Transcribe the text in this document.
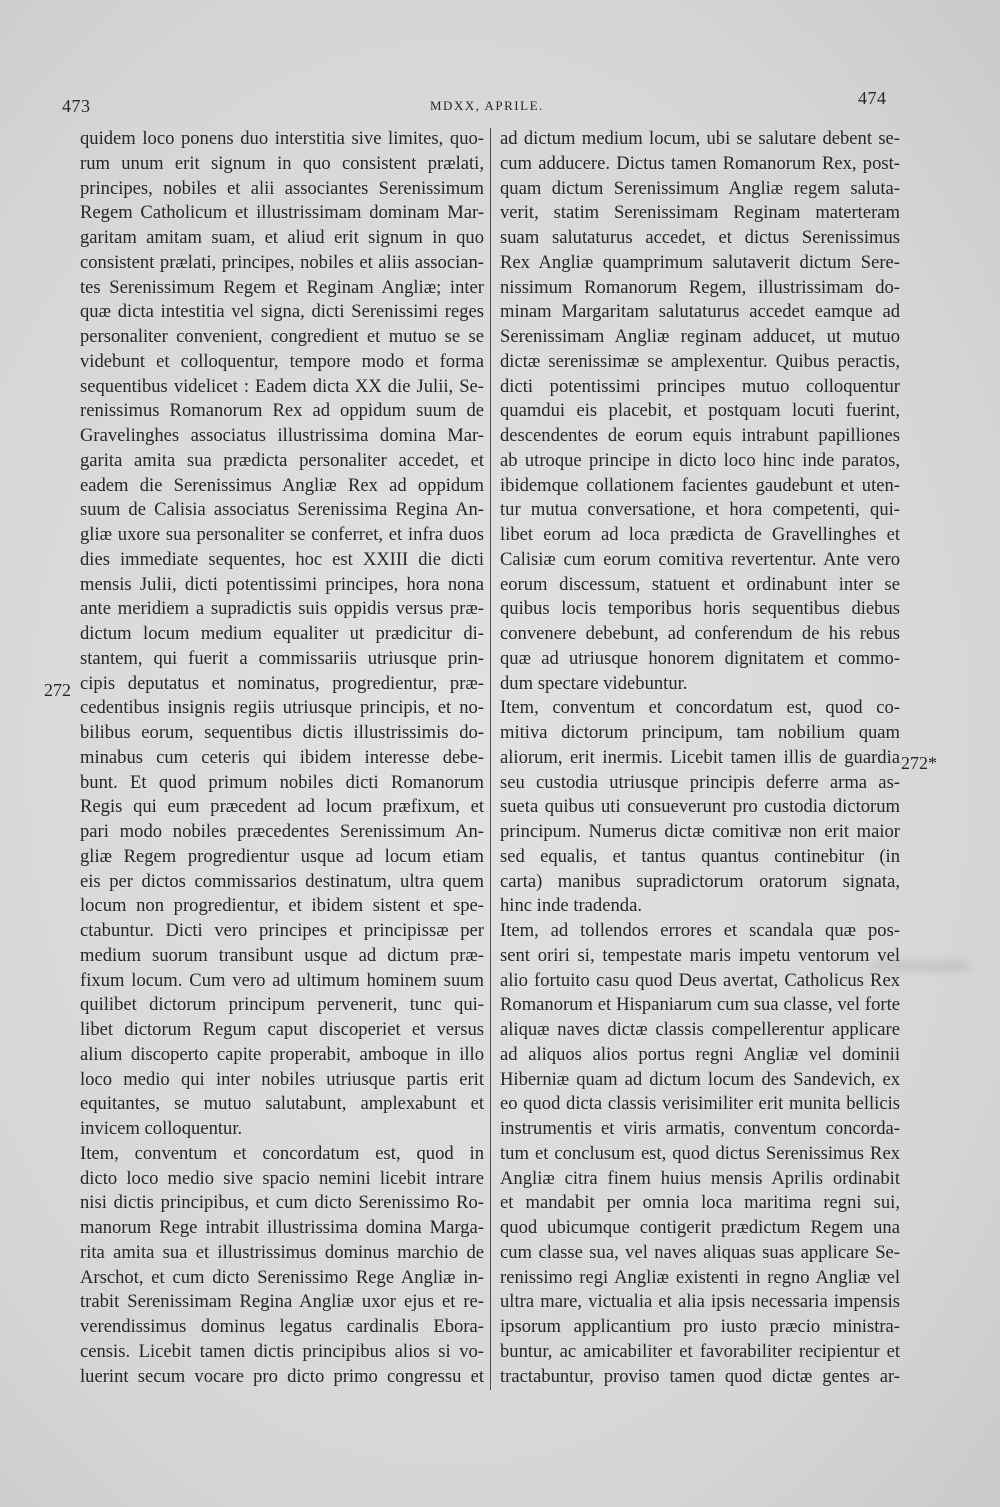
473	MDXX, APRILE.	474
quidem loco ponens duo interstitia sive limites, quo-
rum unum erit signum in quo consistent prælati,
principes, nobiles et alii associantes Serenissimum
Regem Catholicum et illustrissimam dominam Mar-
garitam amitam suam, et aliud erit signum in quo
consistent prælati, principes, nobiles et aliis associan-
tes Serenissimum Regem et Reginam Angliæ; inter
quæ dicta intestitia vel signa, dicti Serenissimi reges
personaliter convenient, congredient et mutuo se se
videbunt et colloquentur, tempore modo et forma
sequentibus videlicet : Eadem dicta XX die Julii, Se-
renissimus Romanorum Rex ad oppidum suum de
Gravelinghes associatus illustrissima domina Mar-
garita amita sua prædicta personaliter accedet, et
eadem die Serenissimus Angliæ Rex ad oppidum
suum de Calisia associatus Serenissima Regina An-
gliæ uxore sua personaliter se conferret, et infra duos
dies immediate sequentes, hoc est XXIII die dicti
mensis Julii, dicti potentissimi principes, hora nona
ante meridiem a supradictis suis oppidis versus præ-
dictum locum medium equaliter ut prædicitur di-
stantem, qui fuerit a commissariis utriusque prin-
cipis deputatus et nominatus, progredientur, præ-
cedentibus insignis regiis utriusque principis, et no-
bilibus eorum, sequentibus dictis illustrissimis do-
minabus cum ceteris qui ibidem interesse debe-
bunt. Et quod primum nobiles dicti Romanorum
Regis qui eum præcedent ad locum præfixum, et
pari modo nobiles præcedentes Serenissimum An-
gliæ Regem progredientur usque ad locum etiam
eis per dictos commissarios destinatum, ultra quem
locum non progredientur, et ibidem sistent et spe-
ctabuntur. Dicti vero principes et principissæ per
medium suorum transibunt usque ad dictum præ-
fixum locum. Cum vero ad ultimum hominem suum
quilibet dictorum principum pervenerit, tunc qui-
libet dictorum Regum caput discoperiet et versus
alium discoperto capite properabit, amboque in illo
loco medio qui inter nobiles utriusque partis erit
equitantes, se mutuo salutabunt, amplexabunt et
invicem colloquentur.
Item, conventum et concordatum est, quod in
dicto loco medio sive spacio nemini licebit intrare
nisi dictis principibus, et cum dicto Serenissimo Ro-
manorum Rege intrabit illustrissima domina Marga-
rita amita sua et illustrissimus dominus marchio de
Arschot, et cum dicto Serenissimo Rege Angliæ in-
trabit Serenissimam Regina Angliæ uxor ejus et re-
verendissimus dominus legatus cardinalis Ebora-
censis. Licebit tamen dictis principibus alios si vo-
luerint secum vocare pro dicto primo congressu et
ad dictum medium locum, ubi se salutare debent se-
cum adducere. Dictus tamen Romanorum Rex, post-
quam dictum Serenissimum Angliæ regem saluta-
verit, statim Serenissimam Reginam materteram
suam salutaturus accedet, et dictus Serenissimus
Rex Angliæ quamprimum salutaverit dictum Sere-
nissimum Romanorum Regem, illustrissimam do-
minam Margaritam salutaturus accedet eamque ad
Serenissimam Angliæ reginam adducet, ut mutuo
dictæ serenissimæ se amplexentur. Quibus peractis,
dicti potentissimi principes mutuo colloquentur
quamdui eis placebit, et postquam locuti fuerint,
descendentes de eorum equis intrabunt papilliones
ab utroque principe in dicto loco hinc inde paratos,
ibidemque collationem facientes gaudebunt et uten-
tur mutua conversatione, et hora competenti, qui-
libet eorum ad loca prædicta de Gravellinghes et
Calisiæ cum eorum comitiva revertentur. Ante vero
eorum discessum, statuent et ordinabunt inter se
quibus locis temporibus horis sequentibus diebus
convenere debebunt, ad conferendum de his rebus
quæ ad utriusque honorem dignitatem et commo-
dum spectare videbuntur.
Item, conventum et concordatum est, quod co-
mitiva dictorum principum, tam nobilium quam
aliorum, erit inermis. Licebit tamen illis de guardia
seu custodia utriusque principis deferre arma as-
sueta quibus uti consueverunt pro custodia dictorum
principum. Numerus dictæ comitivæ non erit maior
sed equalis, et tantus quantus continebitur (in
carta) manibus supradictorum oratorum signata,
hinc inde tradenda.
Item, ad tollendos errores et scandala quæ pos-
sent oriri si, tempestate maris impetu ventorum vel
alio fortuito casu quod Deus avertat, Catholicus Rex
Romanorum et Hispaniarum cum sua classe, vel forte
aliquæ naves dictæ classis compellerentur applicare
ad aliquos alios portus regni Angliæ vel dominii
Hiberniæ quam ad dictum locum des Sandevich, ex
eo quod dicta classis verisimiliter erit munita bellicis
instrumentis et viris armatis, conventum concorda-
tum et conclusum est, quod dictus Serenissimus Rex
Angliæ citra finem huius mensis Aprilis ordinabit
et mandabit per omnia loca maritima regni sui,
quod ubicumque contigerit prædictum Regem una
cum classe sua, vel naves aliquas suas applicare Se-
renissimo regi Angliæ existenti in regno Angliæ vel
ultra mare, victualia et alia ipsis necessaria impensis
ipsorum applicantium pro iusto præcio ministra-
buntur, ac amicabiliter et favorabiliter recipientur et
tractabuntur, proviso tamen quod dictæ gentes ar-
272
272*
